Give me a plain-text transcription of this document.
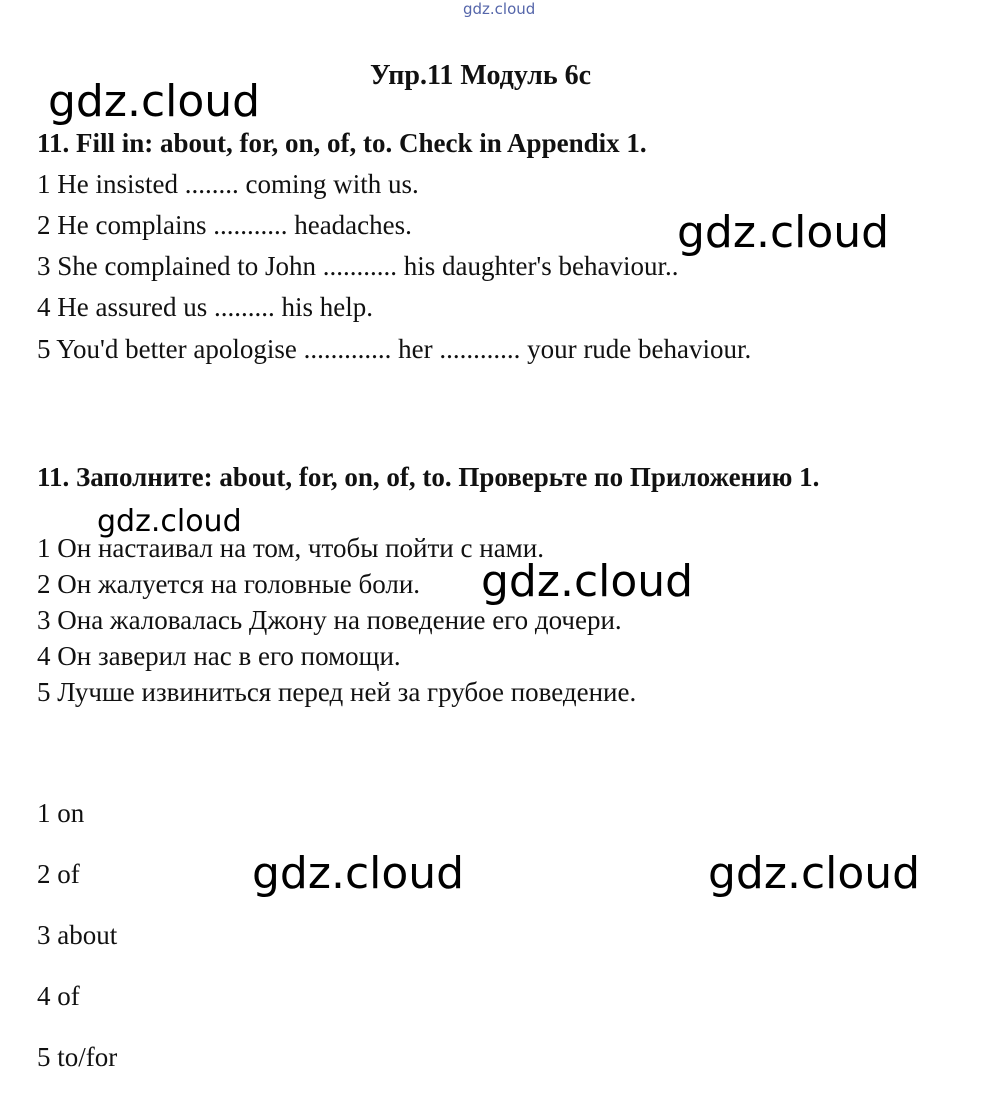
gdz.cloud
gdz.cloud
gdz.cloud
gdz.cloud
gdz.cloud
gdz.cloud	gdz.cloud
Упр.11 Модуль 6с
11. Fill in: about, for, on, of, to. Check in Appendix 1.
1 He insisted ........ coming with us.
2 He complains ........... headaches.
3 She complained to John ........... his daughter's behaviour..
4 He assured us ......... his help.
5 You'd better apologise ............. her ............ your rude behaviour.
11. Заполните: about, for, on, of, to. Проверьте по Приложению 1.
1 Он настаивал на том, чтобы пойти с нами.
2 Он жалуется на головные боли.
3 Она жаловалась Джону на поведение его дочери.
4 Он заверил нас в его помощи.
5 Лучше извиниться перед ней за грубое поведение.
1 on
2 of
3 about
4 of
5 to/for
